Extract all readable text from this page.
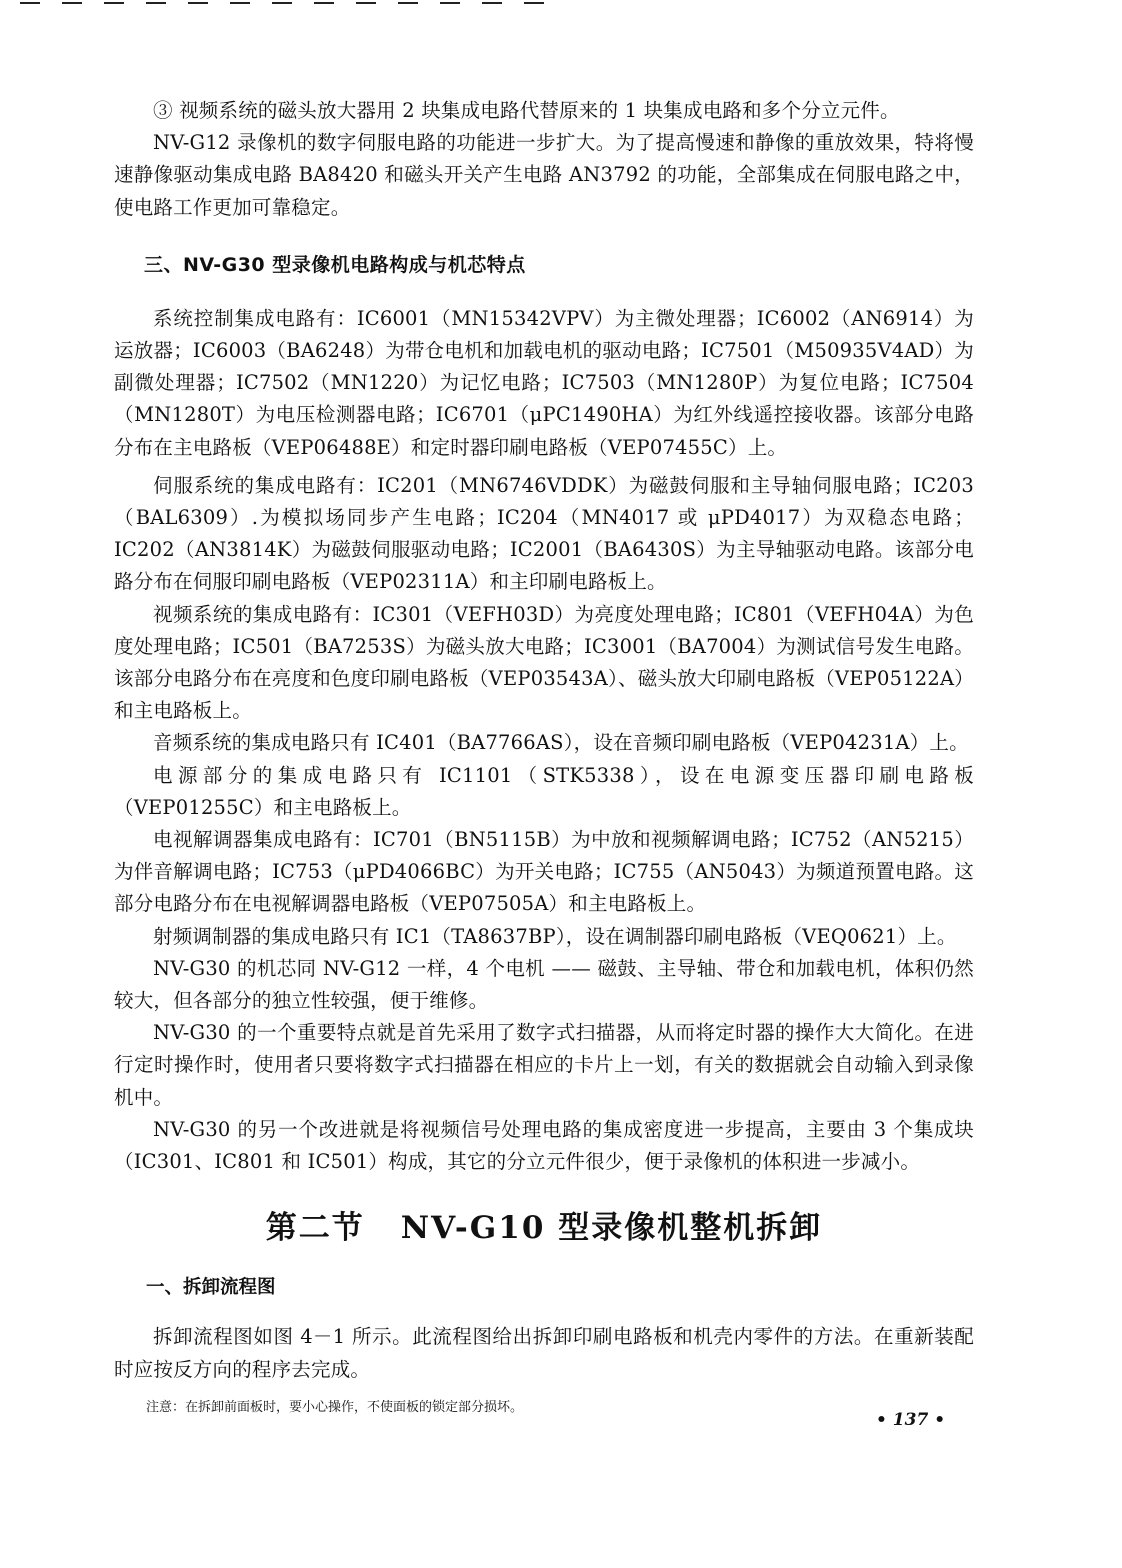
③ 视频系统的磁头放大器用 2 块集成电路代替原来的 1 块集成电路和多个分立元件。

NV-G12 录像机的数字伺服电路的功能进一步扩大。为了提高慢速和静像的重放效果，特将慢速静像驱动集成电路 BA8420 和磁头开关产生电路 AN3792 的功能，全部集成在伺服电路之中，使电路工作更加可靠稳定。

三、NV-G30 型录像机电路构成与机芯特点

系统控制集成电路有：IC6001（MN15342VPV）为主微处理器；IC6002（AN6914）为运放器；IC6003（BA6248）为带仓电机和加载电机的驱动电路；IC7501（M50935V4AD）为副微处理器；IC7502（MN1220）为记忆电路；IC7503（MN1280P）为复位电路；IC7504（MN1280T）为电压检测器电路；IC6701（μPC1490HA）为红外线遥控接收器。该部分电路分布在主电路板（VEP06488E）和定时器印刷电路板（VEP07455C）上。

伺服系统的集成电路有：IC201（MN6746VDDK）为磁鼓伺服和主导轴伺服电路；IC203（BAL6309）.为模拟场同步产生电路；IC204（MN4017 或 μPD4017）为双稳态电路；IC202（AN3814K）为磁鼓伺服驱动电路；IC2001（BA6430S）为主导轴驱动电路。该部分电路分布在伺服印刷电路板（VEP02311A）和主印刷电路板上。

视频系统的集成电路有：IC301（VEFH03D）为亮度处理电路；IC801（VEFH04A）为色度处理电路；IC501（BA7253S）为磁头放大电路；IC3001（BA7004）为测试信号发生电路。该部分电路分布在亮度和色度印刷电路板（VEP03543A）、磁头放大印刷电路板（VEP05122A）和主电路板上。

音频系统的集成电路只有 IC401（BA7766AS），设在音频印刷电路板（VEP04231A）上。

电源部分的集成电路只有 IC1101（STK5338），设在电源变压器印刷电路板（VEP01255C）和主电路板上。

电视解调器集成电路有：IC701（BN5115B）为中放和视频解调电路；IC752（AN5215）为伴音解调电路；IC753（μPD4066BC）为开关电路；IC755（AN5043）为频道预置电路。这部分电路分布在电视解调器电路板（VEP07505A）和主电路板上。

射频调制器的集成电路只有 IC1（TA8637BP），设在调制器印刷电路板（VEQ0621）上。

NV-G30 的机芯同 NV-G12 一样，4 个电机 —— 磁鼓、主导轴、带仓和加载电机，体积仍然较大，但各部分的独立性较强，便于维修。

NV-G30 的一个重要特点就是首先采用了数字式扫描器，从而将定时器的操作大大简化。在进行定时操作时，使用者只要将数字式扫描器在相应的卡片上一划，有关的数据就会自动输入到录像机中。

NV-G30 的另一个改进就是将视频信号处理电路的集成密度进一步提高，主要由 3 个集成块（IC301、IC801 和 IC501）构成，其它的分立元件很少，便于录像机的体积进一步减小。

第二节 NV-G10 型录像机整机拆卸
一、拆卸流程图

拆卸流程图如图 4－1 所示。此流程图给出拆卸印刷电路板和机壳内零件的方法。在重新装配时应按反方向的程序去完成。

注意：在拆卸前面板时，要小心操作，不使面板的锁定部分损坏。

• 137 •
